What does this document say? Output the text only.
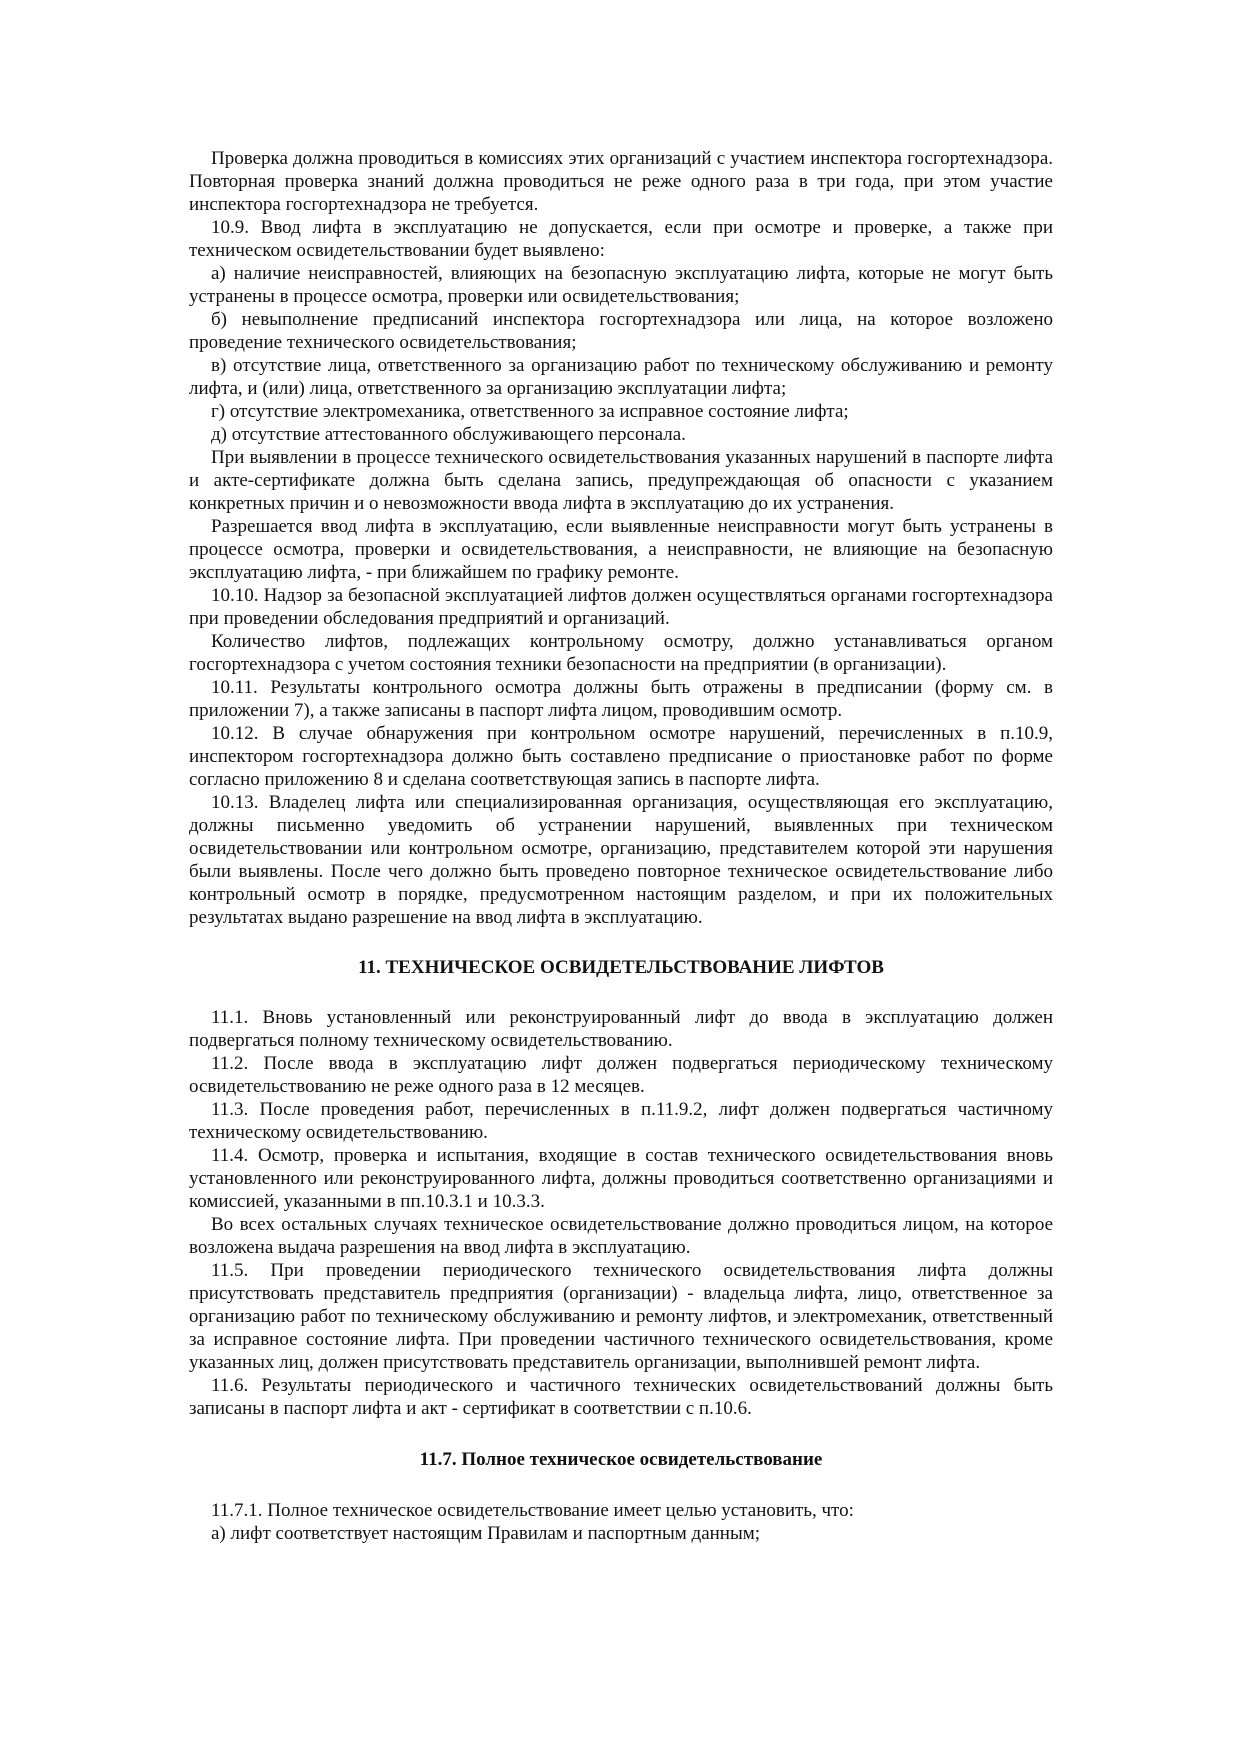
Проверка должна проводиться в комиссиях этих организаций с участием инспектора госгортехнадзора. Повторная проверка знаний должна проводиться не реже одного раза в три года, при этом участие инспектора госгортехнадзора не требуется.

10.9. Ввод лифта в эксплуатацию не допускается, если при осмотре и проверке, а также при техническом освидетельствовании будет выявлено:

а) наличие неисправностей, влияющих на безопасную эксплуатацию лифта, которые не могут быть устранены в процессе осмотра, проверки или освидетельствования;

б) невыполнение предписаний инспектора госгортехнадзора или лица, на которое возложено проведение технического освидетельствования;

в) отсутствие лица, ответственного за организацию работ по техническому обслуживанию и ремонту лифта, и (или) лица, ответственного за организацию эксплуатации лифта;

г) отсутствие электромеханика, ответственного за исправное состояние лифта;

д) отсутствие аттестованного обслуживающего персонала.

При выявлении в процессе технического освидетельствования указанных нарушений в паспорте лифта и акте-сертификате должна быть сделана запись, предупреждающая об опасности с указанием конкретных причин и о невозможности ввода лифта в эксплуатацию до их устранения.

Разрешается ввод лифта в эксплуатацию, если выявленные неисправности могут быть устранены в процессе осмотра, проверки и освидетельствования, а неисправности, не влияющие на безопасную эксплуатацию лифта, - при ближайшем по графику ремонте.

10.10. Надзор за безопасной эксплуатацией лифтов должен осуществляться органами госгортехнадзора при проведении обследования предприятий и организаций.

Количество лифтов, подлежащих контрольному осмотру, должно устанавливаться органом госгортехнадзора с учетом состояния техники безопасности на предприятии (в организации).

10.11. Результаты контрольного осмотра должны быть отражены в предписании (форму см. в приложении 7), а также записаны в паспорт лифта лицом, проводившим осмотр.

10.12. В случае обнаружения при контрольном осмотре нарушений, перечисленных в п.10.9, инспектором госгортехнадзора должно быть составлено предписание о приостановке работ по форме согласно приложению 8 и сделана соответствующая запись в паспорте лифта.

10.13. Владелец лифта или специализированная организация, осуществляющая его эксплуатацию, должны письменно уведомить об устранении нарушений, выявленных при техническом освидетельствовании или контрольном осмотре, организацию, представителем которой эти нарушения были выявлены. После чего должно быть проведено повторное техническое освидетельствование либо контрольный осмотр в порядке, предусмотренном настоящим разделом, и при их положительных результатах выдано разрешение на ввод лифта в эксплуатацию.

11. ТЕХНИЧЕСКОЕ ОСВИДЕТЕЛЬСТВОВАНИЕ ЛИФТОВ

11.1. Вновь установленный или реконструированный лифт до ввода в эксплуатацию должен подвергаться полному техническому освидетельствованию.

11.2. После ввода в эксплуатацию лифт должен подвергаться периодическому техническому освидетельствованию не реже одного раза в 12 месяцев.

11.3. После проведения работ, перечисленных в п.11.9.2, лифт должен подвергаться частичному техническому освидетельствованию.

11.4. Осмотр, проверка и испытания, входящие в состав технического освидетельствования вновь установленного или реконструированного лифта, должны проводиться соответственно организациями и комиссией, указанными в пп.10.3.1 и 10.3.3.

Во всех остальных случаях техническое освидетельствование должно проводиться лицом, на которое возложена выдача разрешения на ввод лифта в эксплуатацию.

11.5. При проведении периодического технического освидетельствования лифта должны присутствовать представитель предприятия (организации) - владельца лифта, лицо, ответственное за организацию работ по техническому обслуживанию и ремонту лифтов, и электромеханик, ответственный за исправное состояние лифта. При проведении частичного технического освидетельствования, кроме указанных лиц, должен присутствовать представитель организации, выполнившей ремонт лифта.

11.6. Результаты периодического и частичного технических освидетельствований должны быть записаны в паспорт лифта и акт - сертификат в соответствии с п.10.6.

11.7. Полное техническое освидетельствование

11.7.1. Полное техническое освидетельствование имеет целью установить, что:

а) лифт соответствует настоящим Правилам и паспортным данным;
